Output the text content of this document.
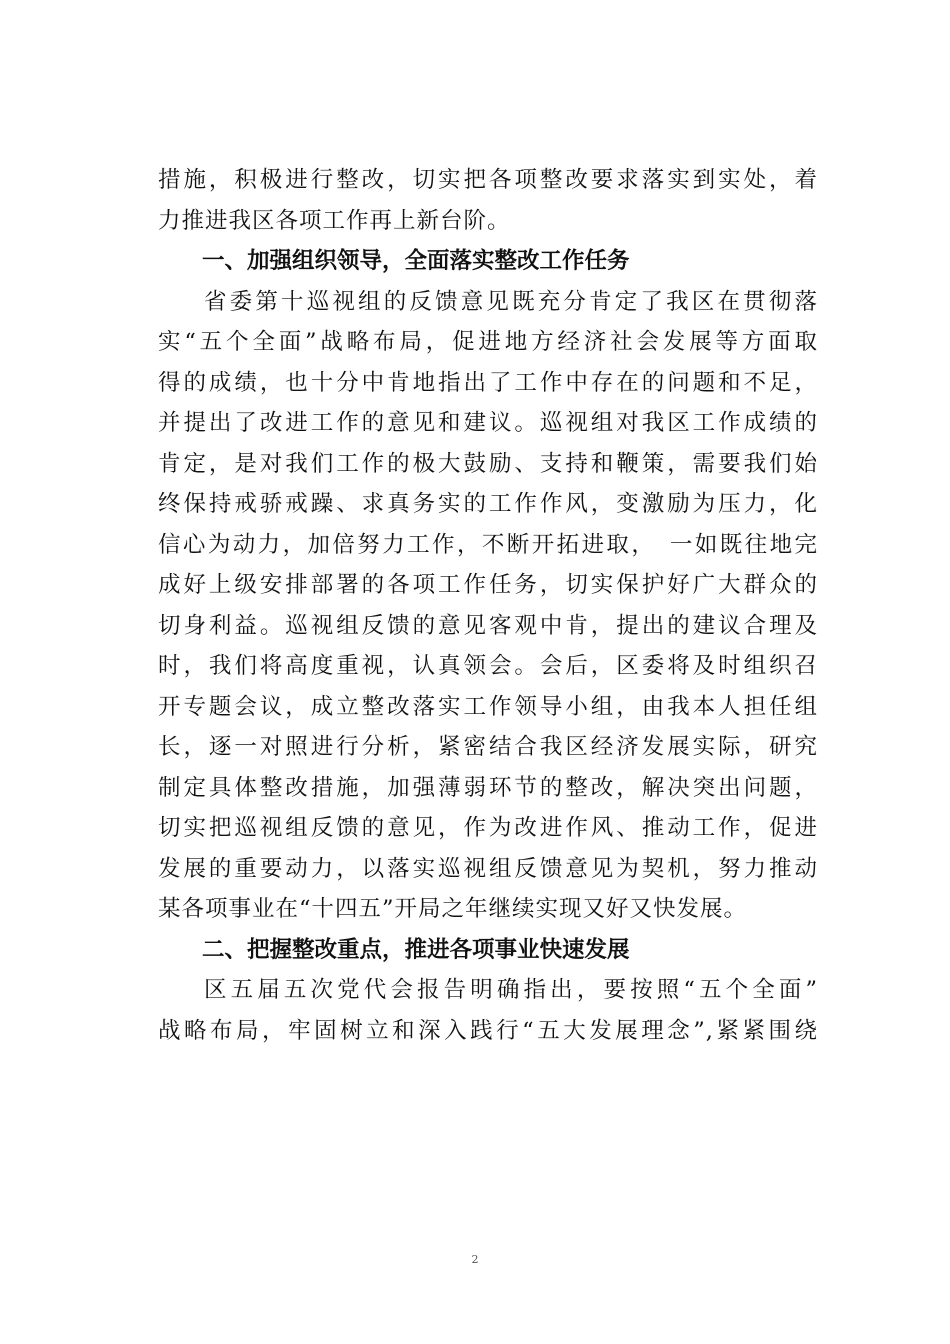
措施，积极进行整改，切实把各项整改要求落实到实处，着
力推进我区各项工作再上新台阶。
一、加强组织领导，全面落实整改工作任务
省委第十巡视组的反馈意见既充分肯定了我区在贯彻落
实“五个全面”战略布局，促进地方经济社会发展等方面取
得的成绩，也十分中肯地指出了工作中存在的问题和不足，
并提出了改进工作的意见和建议。巡视组对我区工作成绩的
肯定，是对我们工作的极大鼓励、支持和鞭策，需要我们始
终保持戒骄戒躁、求真务实的工作作风，变激励为压力，化
信心为动力，加倍努力工作，不断开拓进取，　一如既往地完
成好上级安排部署的各项工作任务，切实保护好广大群众的
切身利益。巡视组反馈的意见客观中肯，提出的建议合理及
时，我们将高度重视，认真领会。会后，区委将及时组织召
开专题会议，成立整改落实工作领导小组，由我本人担任组
长，逐一对照进行分析，紧密结合我区经济发展实际，研究
制定具体整改措施，加强薄弱环节的整改，解决突出问题，
切实把巡视组反馈的意见，作为改进作风、推动工作，促进
发展的重要动力，以落实巡视组反馈意见为契机，努力推动
某各项事业在“十四五”开局之年继续实现又好又快发展。
二、把握整改重点，推进各项事业快速发展
区五届五次党代会报告明确指出，要按照“五个全面”
战略布局，牢固树立和深入践行“五大发展理念”,紧紧围绕
2
